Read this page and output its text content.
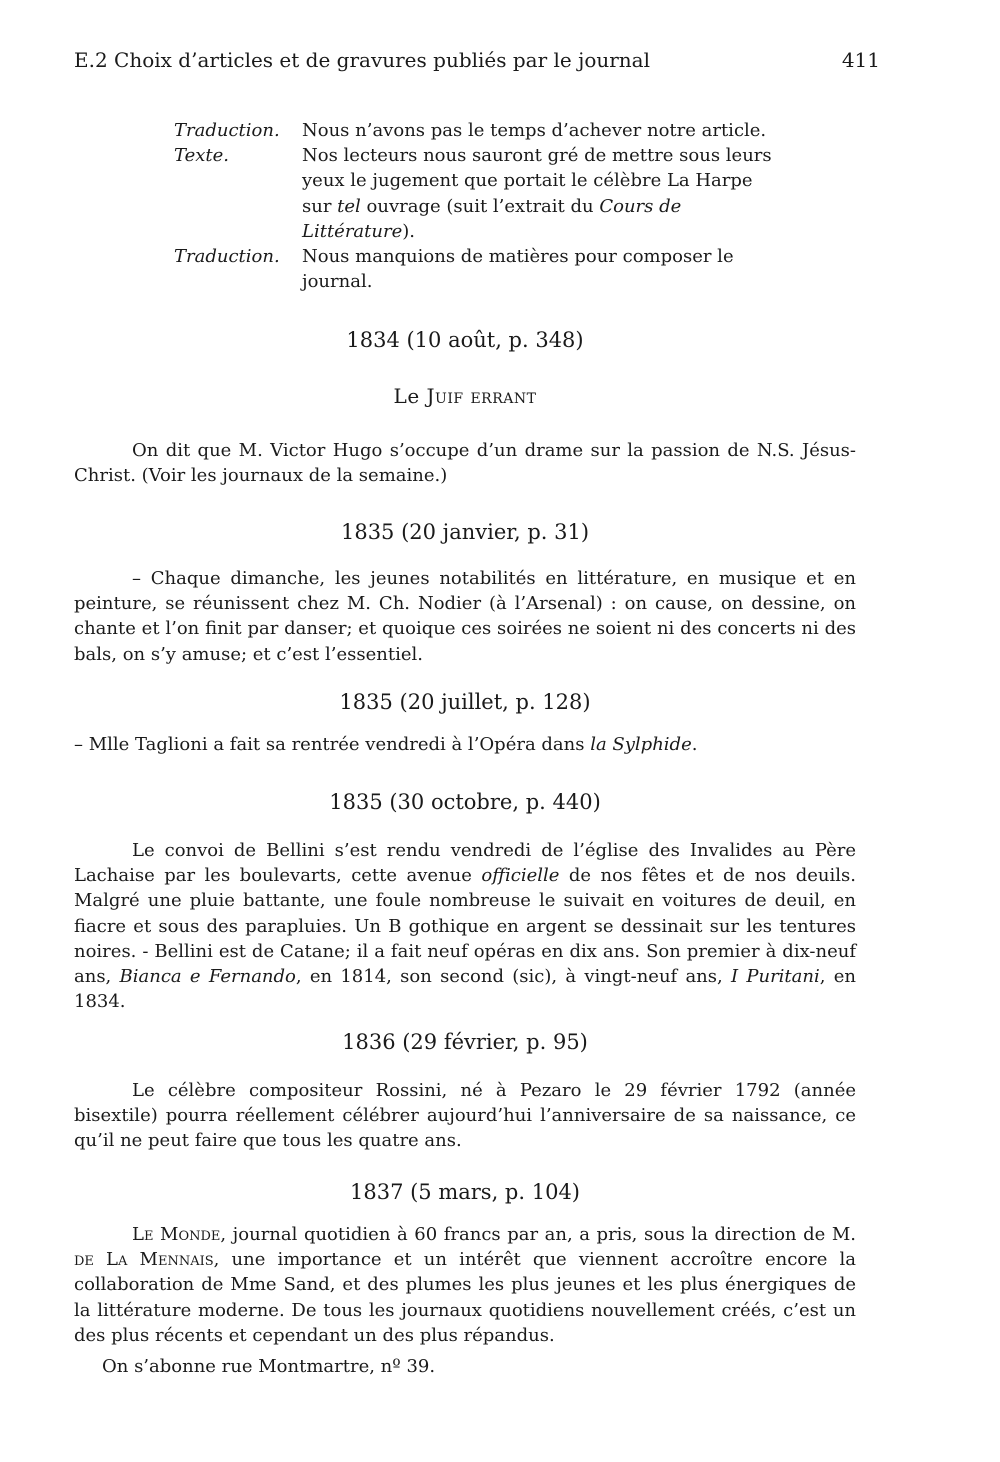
E.2 Choix d’articles et de gravures publiés par le journal	411
Traduction.	Nous n’avons pas le temps d’achever notre article.
Texte.	Nos lecteurs nous sauront gré de mettre sous leurs yeux le jugement que portait le célèbre La Harpe sur tel ouvrage (suit l’extrait du Cours de Littérature).
Traduction.	Nous manquions de matières pour composer le journal.
1834 (10 août, p. 348)
Le Juif errant

On dit que M. Victor Hugo s’occupe d’un drame sur la passion de N.S. Jésus-Christ. (Voir les journaux de la semaine.)

1835 (20 janvier, p. 31)

– Chaque dimanche, les jeunes notabilités en littérature, en musique et en peinture, se réunissent chez M. Ch. Nodier (à l’Arsenal) : on cause, on dessine, on chante et l’on finit par danser; et quoique ces soirées ne soient ni des concerts ni des bals, on s’y amuse; et c’est l’essentiel.

1835 (20 juillet, p. 128)

– Mlle Taglioni a fait sa rentrée vendredi à l’Opéra dans la Sylphide.

1835 (30 octobre, p. 440)

Le convoi de Bellini s’est rendu vendredi de l’église des Invalides au Père Lachaise par les boulevarts, cette avenue officielle de nos fêtes et de nos deuils. Malgré une pluie battante, une foule nombreuse le suivait en voitures de deuil, en fiacre et sous des parapluies. Un B gothique en argent se dessinait sur les tentures noires. - Bellini est de Catane; il a fait neuf opéras en dix ans. Son premier à dix-neuf ans, Bianca e Fernando, en 1814, son second (sic), à vingt-neuf ans, I Puritani, en 1834.

1836 (29 février, p. 95)

Le célèbre compositeur Rossini, né à Pezaro le 29 février 1792 (année bisextile) pourra réellement célébrer aujourd’hui l’anniversaire de sa naissance, ce qu’il ne peut faire que tous les quatre ans.

1837 (5 mars, p. 104)

Le Monde, journal quotidien à 60 francs par an, a pris, sous la direction de M. de La Mennais, une importance et un intérêt que viennent accroître encore la collaboration de Mme Sand, et des plumes les plus jeunes et les plus énergiques de la littérature moderne. De tous les journaux quotidiens nouvellement créés, c’est un des plus récents et cependant un des plus répandus.

On s’abonne rue Montmartre, nº 39.
